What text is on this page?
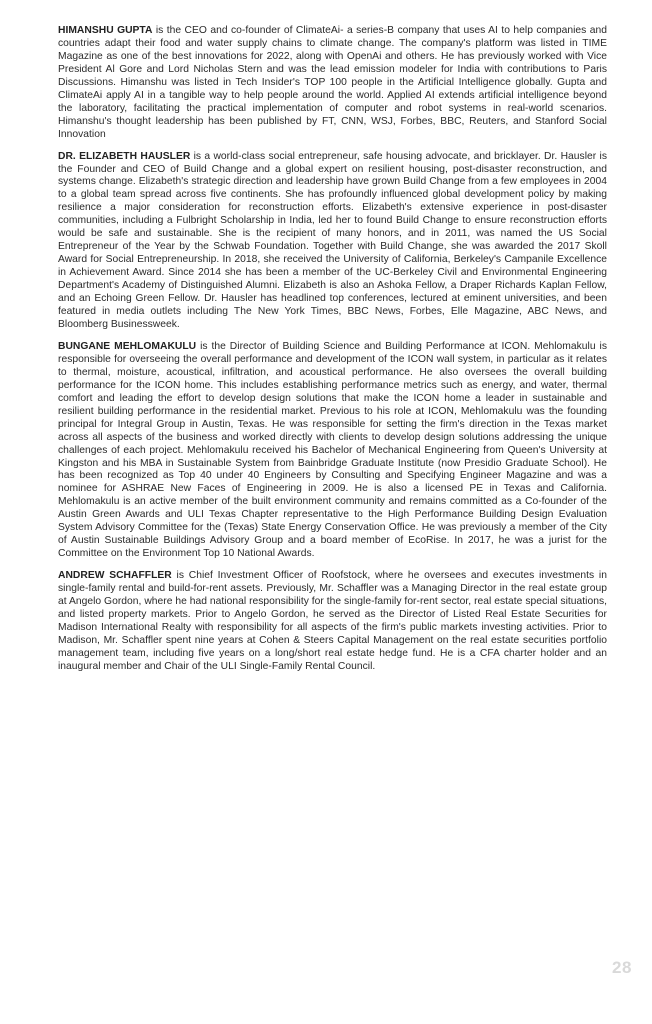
HIMANSHU GUPTA is the CEO and co-founder of ClimateAi- a series-B company that uses AI to help companies and countries adapt their food and water supply chains to climate change. The company's platform was listed in TIME Magazine as one of the best innovations for 2022, along with OpenAi and others. He has previously worked with Vice President Al Gore and Lord Nicholas Stern and was the lead emission modeler for India with contributions to Paris Discussions. Himanshu was listed in Tech Insider's TOP 100 people in the Artificial Intelligence globally. Gupta and ClimateAi apply AI in a tangible way to help people around the world. Applied AI extends artificial intelligence beyond the laboratory, facilitating the practical implementation of computer and robot systems in real-world scenarios. Himanshu's thought leadership has been published by FT, CNN, WSJ, Forbes, BBC, Reuters, and Stanford Social Innovation

DR. ELIZABETH HAUSLER is a world-class social entrepreneur, safe housing advocate, and bricklayer. Dr. Hausler is the Founder and CEO of Build Change and a global expert on resilient housing, post-disaster reconstruction, and systems change. Elizabeth's strategic direction and leadership have grown Build Change from a few employees in 2004 to a global team spread across five continents. She has profoundly influenced global development policy by making resilience a major consideration for reconstruction efforts. Elizabeth's extensive experience in post-disaster communities, including a Fulbright Scholarship in India, led her to found Build Change to ensure reconstruction efforts would be safe and sustainable. She is the recipient of many honors, and in 2011, was named the US Social Entrepreneur of the Year by the Schwab Foundation. Together with Build Change, she was awarded the 2017 Skoll Award for Social Entrepreneurship. In 2018, she received the University of California, Berkeley's Campanile Excellence in Achievement Award. Since 2014 she has been a member of the UC-Berkeley Civil and Environmental Engineering Department's Academy of Distinguished Alumni. Elizabeth is also an Ashoka Fellow, a Draper Richards Kaplan Fellow, and an Echoing Green Fellow. Dr. Hausler has headlined top conferences, lectured at eminent universities, and been featured in media outlets including The New York Times, BBC News, Forbes, Elle Magazine, ABC News, and Bloomberg Businessweek.

BUNGANE MEHLOMAKULU is the Director of Building Science and Building Performance at ICON. Mehlomakulu is responsible for overseeing the overall performance and development of the ICON wall system, in particular as it relates to thermal, moisture, acoustical, infiltration, and acoustical performance. He also oversees the overall building performance for the ICON home. This includes establishing performance metrics such as energy, and water, thermal comfort and leading the effort to develop design solutions that make the ICON home a leader in sustainable and resilient building performance in the residential market. Previous to his role at ICON, Mehlomakulu was the founding principal for Integral Group in Austin, Texas. He was responsible for setting the firm's direction in the Texas market across all aspects of the business and worked directly with clients to develop design solutions addressing the unique challenges of each project. Mehlomakulu received his Bachelor of Mechanical Engineering from Queen's University at Kingston and his MBA in Sustainable System from Bainbridge Graduate Institute (now Presidio Graduate School). He has been recognized as Top 40 under 40 Engineers by Consulting and Specifying Engineer Magazine and was a nominee for ASHRAE New Faces of Engineering in 2009. He is also a licensed PE in Texas and California. Mehlomakulu is an active member of the built environment community and remains committed as a Co-founder of the Austin Green Awards and ULI Texas Chapter representative to the High Performance Building Design Evaluation System Advisory Committee for the (Texas) State Energy Conservation Office. He was previously a member of the City of Austin Sustainable Buildings Advisory Group and a board member of EcoRise. In 2017, he was a jurist for the Committee on the Environment Top 10 National Awards.

ANDREW SCHAFFLER is Chief Investment Officer of Roofstock, where he oversees and executes investments in single-family rental and build-for-rent assets. Previously, Mr. Schaffler was a Managing Director in the real estate group at Angelo Gordon, where he had national responsibility for the single-family for-rent sector, real estate special situations, and listed property markets. Prior to Angelo Gordon, he served as the Director of Listed Real Estate Securities for Madison International Realty with responsibility for all aspects of the firm's public markets investing activities. Prior to Madison, Mr. Schaffler spent nine years at Cohen & Steers Capital Management on the real estate securities portfolio management team, including five years on a long/short real estate hedge fund. He is a CFA charter holder and an inaugural member and Chair of the ULI Single-Family Rental Council.

28
